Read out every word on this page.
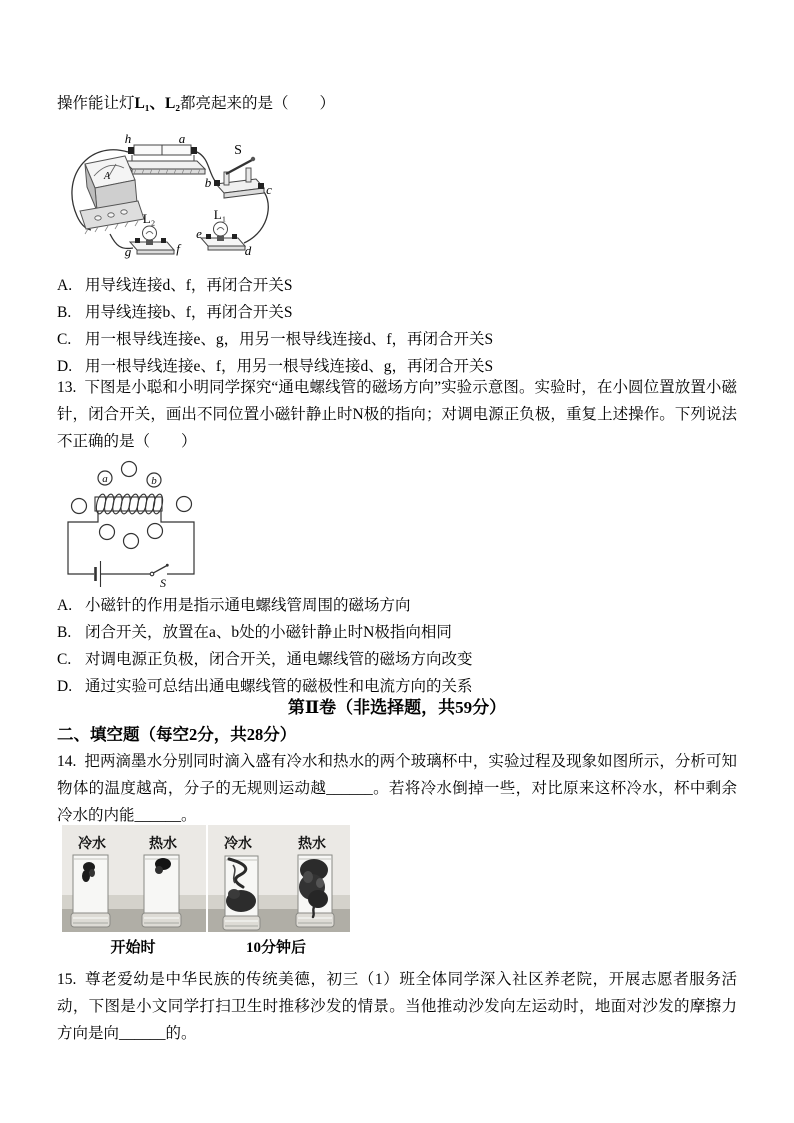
操作能让灯L₁、L₂都亮起来的是（　　）

h	a
A
S
b	c
L₂
g	f
L₁
e
d
A. 用导线连接d、f，再闭合开关S
B. 用导线连接b、f，再闭合开关S
C. 用一根导线连接e、g，用另一根导线连接d、f，再闭合开关S
D. 用一根导线连接e、f，用另一根导线连接d、g，再闭合开关S

13. 下图是小聪和小明同学探究“通电螺线管的磁场方向”实验示意图。实验时，在小圆位置放置小磁针，闭合开关，画出不同位置小磁针静止时N极的指向；对调电源正负极，重复上述操作。下列说法不正确的是（　　）

S
a	b
A. 小磁针的作用是指示通电螺线管周围的磁场方向
B. 闭合开关，放置在a、b处的小磁针静止时N极指向相同
C. 对调电源正负极，闭合开关，通电螺线管的磁场方向改变
D. 通过实验可总结出通电螺线管的磁极性和电流方向的关系

第Ⅱ卷（非选择题，共59分）

二、填空题（每空2分，共28分）

14. 把两滴墨水分别同时滴入盛有冷水和热水的两个玻璃杯中，实验过程及现象如图所示，分析可知物体的温度越高，分子的无规则运动越______。若将冷水倒掉一些，对比原来这杯冷水，杯中剩余冷水的内能______。

冷水	热水	冷水	热水
开始时	10分钟后

15. 尊老爱幼是中华民族的传统美德，初三（1）班全体同学深入社区养老院，开展志愿者服务活动，下图是小文同学打扫卫生时推移沙发的情景。当他推动沙发向左运动时，地面对沙发的摩擦力方向是向______的。
